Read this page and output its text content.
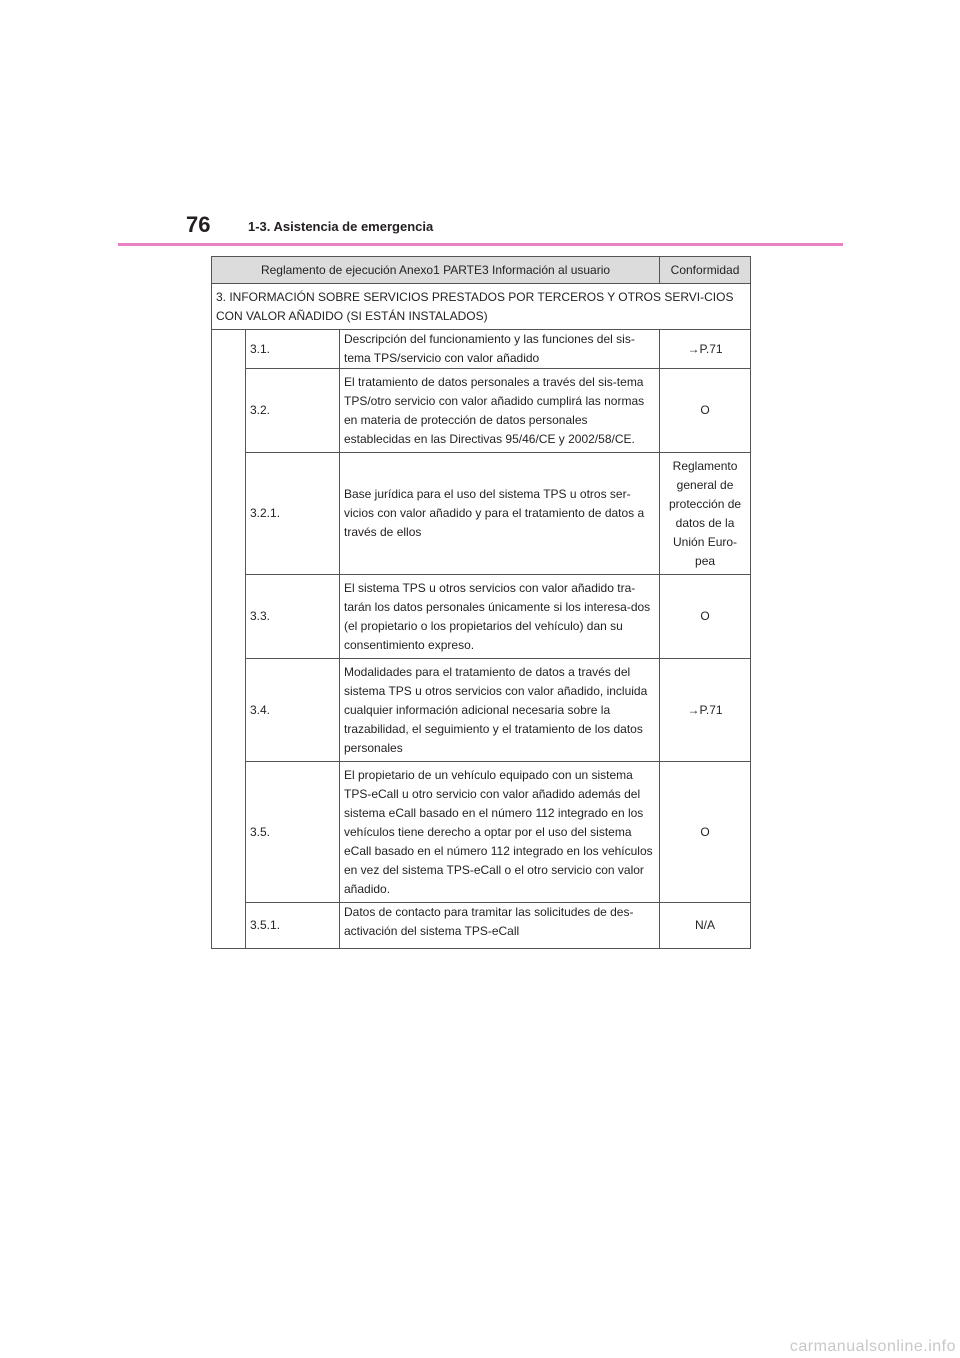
76	1-3. Asistencia de emergencia
Reglamento de ejecución Anexo1 PARTE3 Información al usuario			Conformidad
3. INFORMACIÓN SOBRE SERVICIOS PRESTADOS POR TERCEROS Y OTROS SERVI-CIOS CON VALOR AÑADIDO (SI ESTÁN INSTALADOS)			
	3.1.	Descripción del funcionamiento y las funciones del sis-tema TPS/servicio con valor añadido	→P.71
	3.2.	El tratamiento de datos personales a través del sis-tema TPS/otro servicio con valor añadido cumplirá las normas en materia de protección de datos personales establecidas en las Directivas 95/46/CE y 2002/58/CE.	O
	3.2.1.	Base jurídica para el uso del sistema TPS u otros ser-vicios con valor añadido y para el tratamiento de datos a través de ellos	Reglamento general de protección de datos de la Unión Euro-pea
	3.3.	El sistema TPS u otros servicios con valor añadido tra-tarán los datos personales únicamente si los interesa-dos (el propietario o los propietarios del vehículo) dan su consentimiento expreso.	O
	3.4.	Modalidades para el tratamiento de datos a través del sistema TPS u otros servicios con valor añadido, incluida cualquier información adicional necesaria sobre la trazabilidad, el seguimiento y el tratamiento de los datos personales	→P.71
	3.5.	El propietario de un vehículo equipado con un sistema TPS-eCall u otro servicio con valor añadido además del sistema eCall basado en el número 112 integrado en los vehículos tiene derecho a optar por el uso del sistema eCall basado en el número 112 integrado en los vehículos en vez del sistema TPS-eCall o el otro servicio con valor añadido.	O
	3.5.1.	Datos de contacto para tramitar las solicitudes de des-activación del sistema TPS-eCall	N/A
carmanualsonline.info
